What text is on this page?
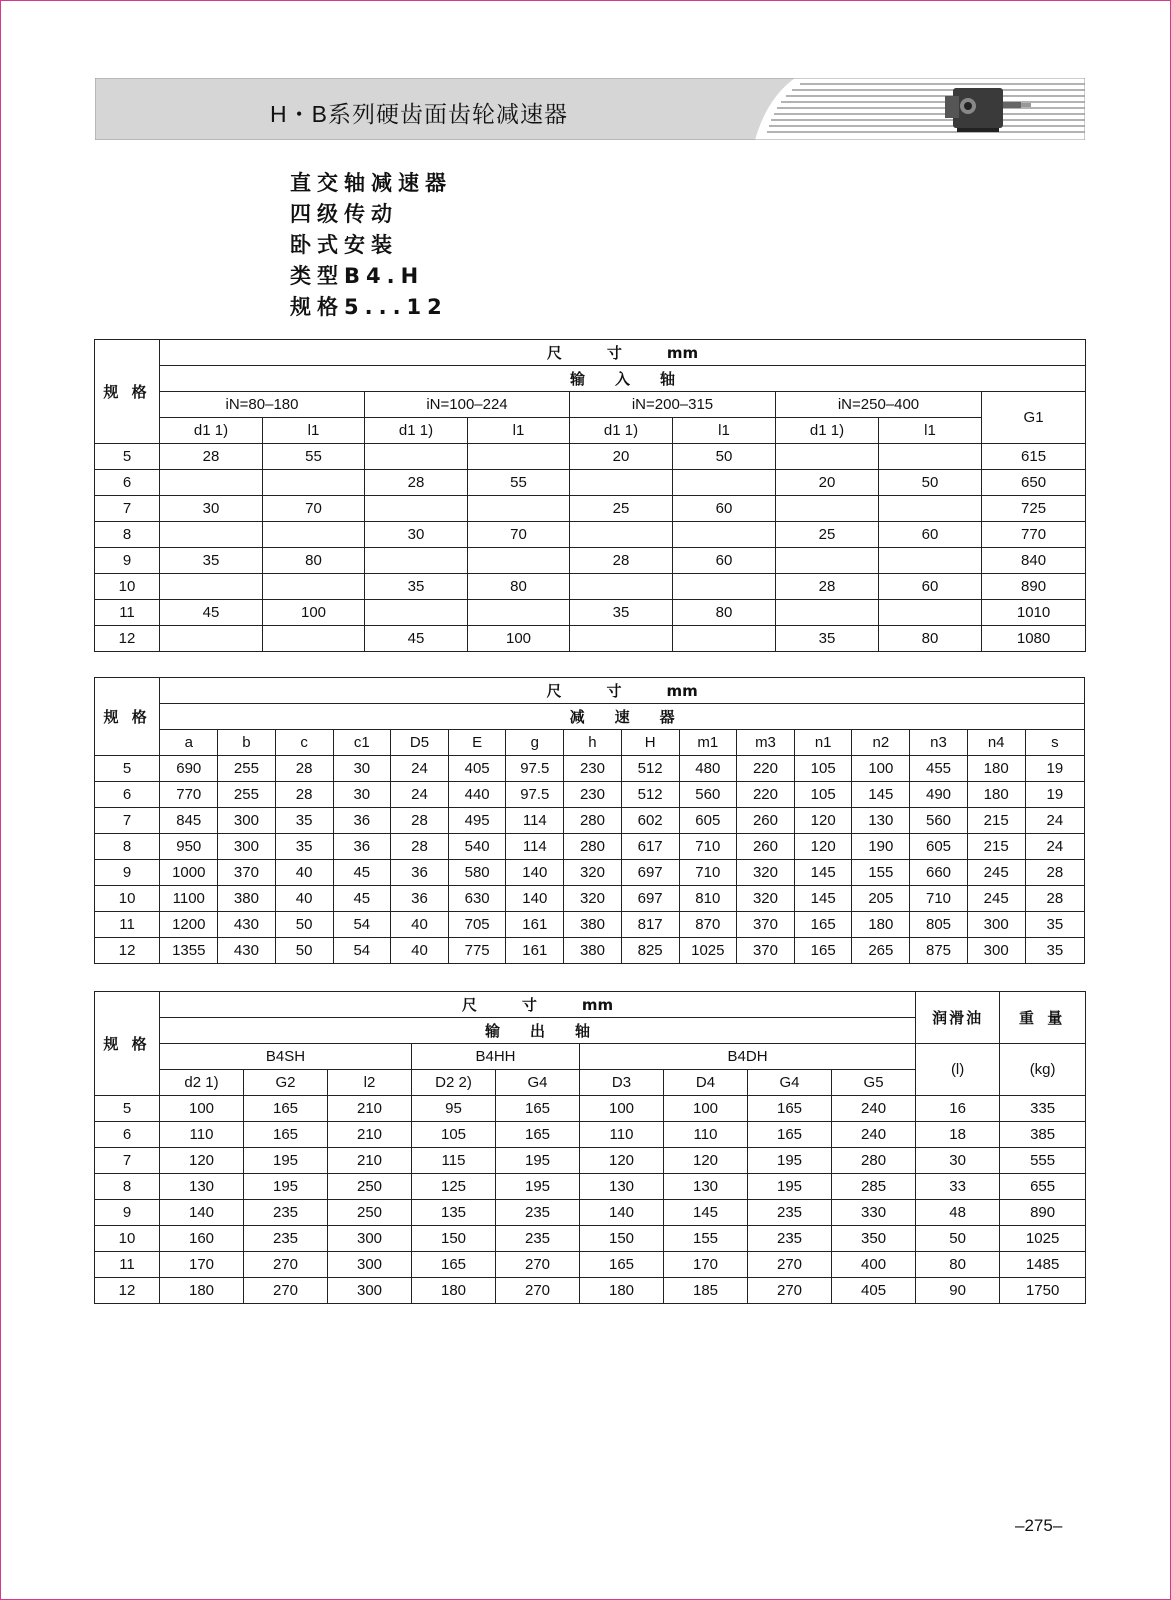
H・B系列硬齿面齿轮减速器
直交轴减速器
四级传动
卧式安装
类型B4.H
规格5...12
规 格	尺　　　寸　　　mm								
	输　　入　　轴								
	iN=80–180		iN=100–224		iN=200–315		iN=250–400		G1
	d1 1)	l1	d1 1)	l1	d1 1)	l1	d1 1)	l1	
5	28	55			20	50			615
6			28	55			20	50	650
7	30	70			25	60			725
8			30	70			25	60	770
9	35	80			28	60			840
10			35	80			28	60	890
11	45	100			35	80			1010
12			45	100			35	80	1080
规 格	尺　　　寸　　　mm															
	减　　速　　器															
	a	b	c	c1	D5	E	g	h	H	m1	m3	n1	n2	n3	n4	s
5	690	255	28	30	24	405	97.5	230	512	480	220	105	100	455	180	19
6	770	255	28	30	24	440	97.5	230	512	560	220	105	145	490	180	19
7	845	300	35	36	28	495	114	280	602	605	260	120	130	560	215	24
8	950	300	35	36	28	540	114	280	617	710	260	120	190	605	215	24
9	1000	370	40	45	36	580	140	320	697	710	320	145	155	660	245	28
10	1100	380	40	45	36	630	140	320	697	810	320	145	205	710	245	28
11	1200	430	50	54	40	705	161	380	817	870	370	165	180	805	300	35
12	1355	430	50	54	40	775	161	380	825	1025	370	165	265	875	300	35
规 格	尺　　　寸　　　mm									润滑油	重 量
	输　　出　　轴										
	B4SH			B4HH		B4DH				(l)	(kg)
	d2 1)	G2	l2	D2 2)	G4	D3	D4	G4	G5		
5	100	165	210	95	165	100	100	165	240	16	335
6	110	165	210	105	165	110	110	165	240	18	385
7	120	195	210	115	195	120	120	195	280	30	555
8	130	195	250	125	195	130	130	195	285	33	655
9	140	235	250	135	235	140	145	235	330	48	890
10	160	235	300	150	235	150	155	235	350	50	1025
11	170	270	300	165	270	165	170	270	400	80	1485
12	180	270	300	180	270	180	185	270	405	90	1750
–275–
